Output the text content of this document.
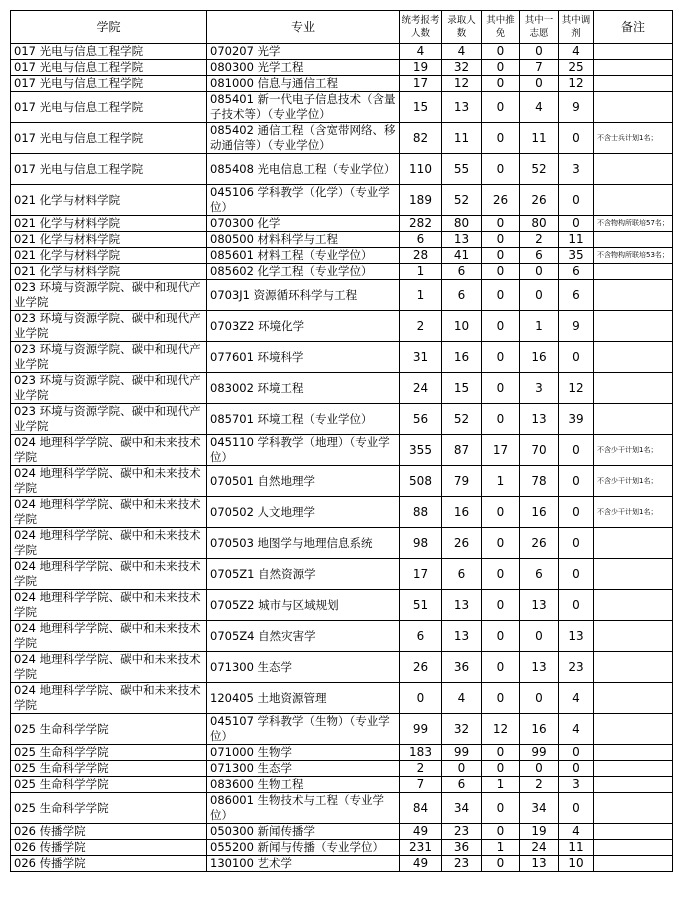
学院	专业	统考报考人数	录取人数	其中推免	其中一志愿	其中调剂	备注
017 光电与信息工程学院	070207 光学	4	4	0	0	4	
017 光电与信息工程学院	080300 光学工程	19	32	0	7	25	
017 光电与信息工程学院	081000 信息与通信工程	17	12	0	0	12	
017 光电与信息工程学院	085401 新一代电子信息技术（含量子技术等）（专业学位）	15	13	0	4	9	
017 光电与信息工程学院	085402 通信工程（含宽带网络、移动通信等）（专业学位）	82	11	0	11	0	不含士兵计划1名；
017 光电与信息工程学院	085408 光电信息工程（专业学位）	110	55	0	52	3	
021 化学与材料学院	045106 学科教学（化学）（专业学位）	189	52	26	26	0	
021 化学与材料学院	070300 化学	282	80	0	80	0	不含物构所联培57名；
021 化学与材料学院	080500 材料科学与工程	6	13	0	2	11	
021 化学与材料学院	085601 材料工程（专业学位）	28	41	0	6	35	不含物构所联培53名；
021 化学与材料学院	085602 化学工程（专业学位）	1	6	0	0	6	
023 环境与资源学院、碳中和现代产业学院	0703J1 资源循环科学与工程	1	6	0	0	6	
023 环境与资源学院、碳中和现代产业学院	0703Z2 环境化学	2	10	0	1	9	
023 环境与资源学院、碳中和现代产业学院	077601 环境科学	31	16	0	16	0	
023 环境与资源学院、碳中和现代产业学院	083002 环境工程	24	15	0	3	12	
023 环境与资源学院、碳中和现代产业学院	085701 环境工程（专业学位）	56	52	0	13	39	
024 地理科学学院、碳中和未来技术学院	045110 学科教学（地理）（专业学位）	355	87	17	70	0	不含少干计划1名；
024 地理科学学院、碳中和未来技术学院	070501 自然地理学	508	79	1	78	0	不含少干计划1名；
024 地理科学学院、碳中和未来技术学院	070502 人文地理学	88	16	0	16	0	不含少干计划1名；
024 地理科学学院、碳中和未来技术学院	070503 地图学与地理信息系统	98	26	0	26	0	
024 地理科学学院、碳中和未来技术学院	0705Z1 自然资源学	17	6	0	6	0	
024 地理科学学院、碳中和未来技术学院	0705Z2 城市与区域规划	51	13	0	13	0	
024 地理科学学院、碳中和未来技术学院	0705Z4 自然灾害学	6	13	0	0	13	
024 地理科学学院、碳中和未来技术学院	071300 生态学	26	36	0	13	23	
024 地理科学学院、碳中和未来技术学院	120405 土地资源管理	0	4	0	0	4	
025 生命科学学院	045107 学科教学（生物）（专业学位）	99	32	12	16	4	
025 生命科学学院	071000 生物学	183	99	0	99	0	
025 生命科学学院	071300 生态学	2	0	0	0	0	
025 生命科学学院	083600 生物工程	7	6	1	2	3	
025 生命科学学院	086001 生物技术与工程（专业学位）	84	34	0	34	0	
026 传播学院	050300 新闻传播学	49	23	0	19	4	
026 传播学院	055200 新闻与传播（专业学位）	231	36	1	24	11	
026 传播学院	130100 艺术学	49	23	0	13	10	
